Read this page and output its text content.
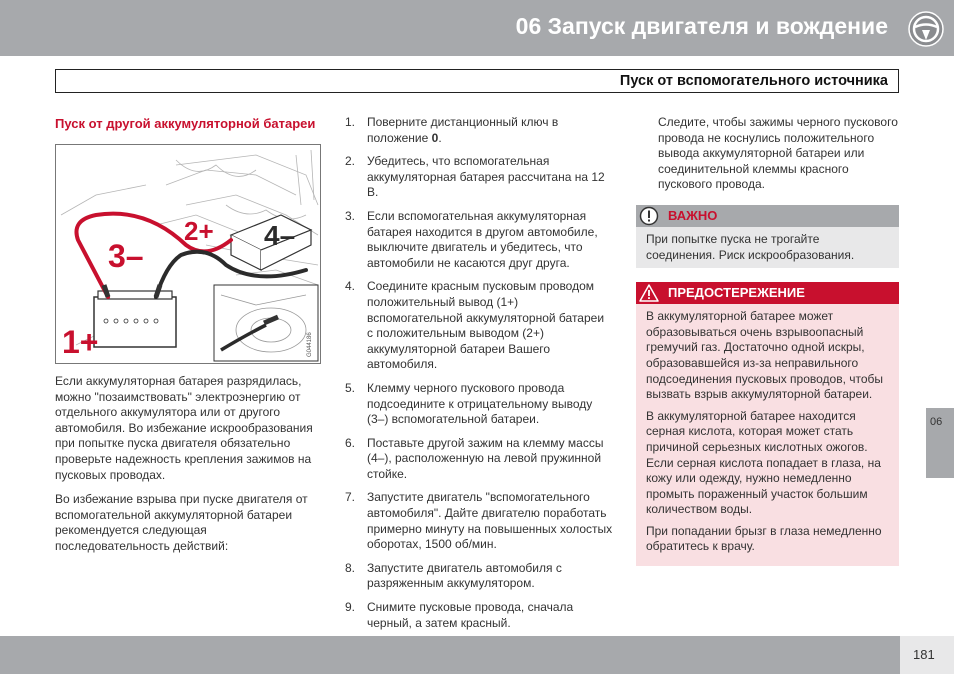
06 Запуск двигателя и вождение
Пуск от вспомогательного источника
Пуск от другой аккумуляторной батареи
2+
3–
4–
1+	G044186

Если аккумуляторная батарея разрядилась, можно "позаимствовать" электроэнергию от отдельного аккумулятора или от другого автомобиля. Во избежание искрообразования при попытке пуска двигателя обязательно проверьте надежность крепления зажимов на пусковых проводах.

Во избежание взрыва при пуске двигателя от вспомогательной аккумуляторной батареи рекомендуется следующая последовательность действий:

1. Поверните дистанционный ключ в положение 0.
2. Убедитесь, что вспомогательная аккумуляторная батарея рассчитана на 12 В.
3. Если вспомогательная аккумуляторная батарея находится в другом автомобиле, выключите двигатель и убедитесь, что автомобили не касаются друг друга.
4. Соедините красным пусковым проводом положительный вывод (1+) вспомогательной аккумуляторной батареи с положительным выводом (2+) аккумуляторной батареи Вашего автомобиля.
5. Клемму черного пускового провода подсоедините к отрицательному выводу (3–) вспомогательной батареи.
6. Поставьте другой зажим на клемму массы (4–), расположенную на левой пружинной стойке.
7. Запустите двигатель "вспомогательного автомобиля". Дайте двигателю поработать примерно минуту на повышенных холостых оборотах, 1500 об/мин.
8. Запустите двигатель автомобиля с разряженным аккумулятором.
9. Снимите пусковые провода, сначала черный, а затем красный.

Следите, чтобы зажимы черного пускового провода не коснулись положительного вывода аккумуляторной батареи или соединительной клеммы красного пускового провода.

ВАЖНО
При попытке пуска не трогайте соединения. Риск искрообразования.
ПРЕДОСТЕРЕЖЕНИЕ

В аккумуляторной батарее может образовываться очень взрывоопасный гремучий газ. Достаточно одной искры, образовавшейся из-за неправильного подсоединения пусковых проводов, чтобы вызвать взрыв аккумуляторной батареи.

В аккумуляторной батарее находится серная кислота, которая может стать причиной серьезных кислотных ожогов. Если серная кислота попадает в глаза, на кожу или одежду, нужно немедленно промыть пораженный участок большим количеством воды.

При попадании брызг в глаза немедленно обратитесь к врачу.

06
181
